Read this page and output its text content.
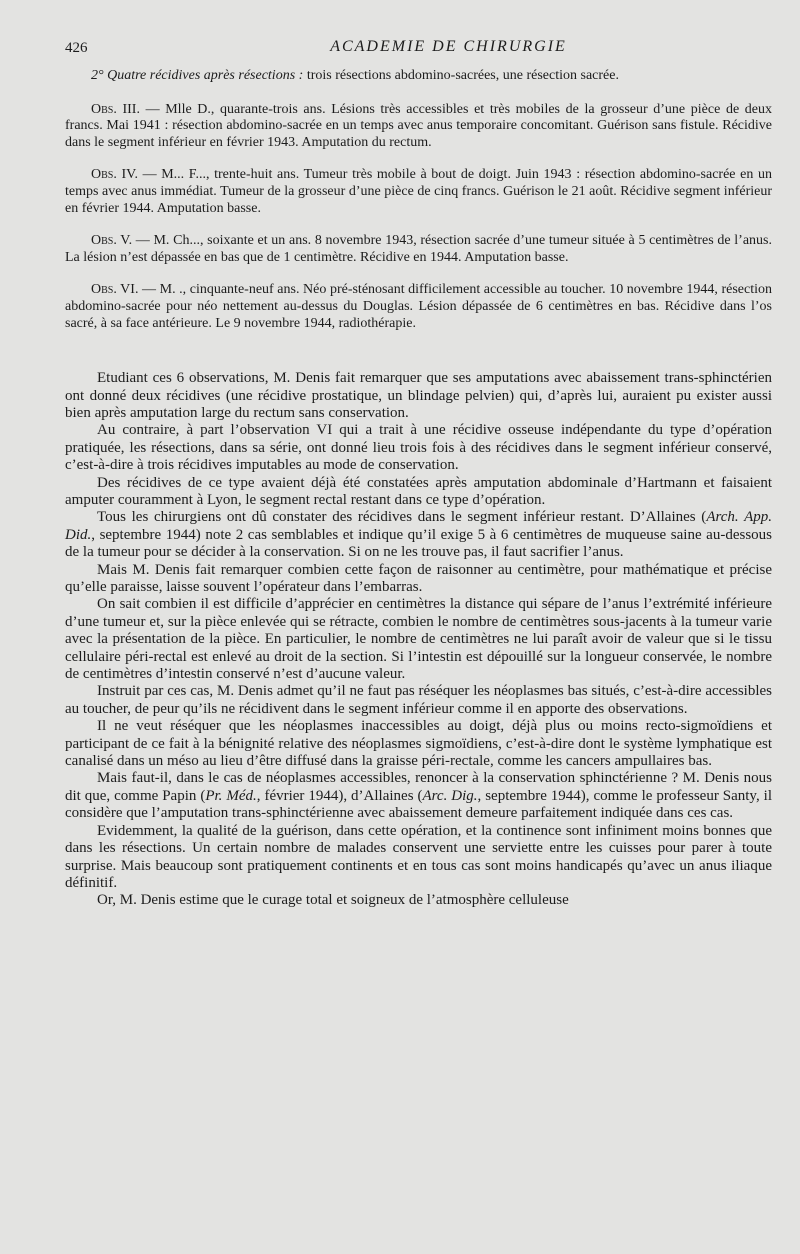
426	ACADEMIE DE CHIRURGIE

2° Quatre récidives après résections : trois résections abdomino-sacrées, une résection sacrée.

Obs. III. — Mlle D., quarante-trois ans. Lésions très accessibles et très mobiles de la grosseur d’une pièce de deux francs. Mai 1941 : résection abdomino-sacrée en un temps avec anus temporaire concomitant. Guérison sans fistule. Récidive dans le segment inférieur en février 1943. Amputation du rectum.

Obs. IV. — M... F..., trente-huit ans. Tumeur très mobile à bout de doigt. Juin 1943 : résection abdomino-sacrée en un temps avec anus immédiat. Tumeur de la grosseur d’une pièce de cinq francs. Guérison le 21 août. Récidive segment inférieur en février 1944. Amputation basse.

Obs. V. — M. Ch..., soixante et un ans. 8 novembre 1943, résection sacrée d’une tumeur située à 5 centimètres de l’anus. La lésion n’est dépassée en bas que de 1 centimètre. Récidive en 1944. Amputation basse.

Obs. VI. — M. ., cinquante-neuf ans. Néo pré-sténosant difficilement accessible au toucher. 10 novembre 1944, résection abdomino-sacrée pour néo nettement au-dessus du Douglas. Lésion dépassée de 6 centimètres en bas. Récidive dans l’os sacré, à sa face antérieure. Le 9 novembre 1944, radiothérapie.

Etudiant ces 6 observations, M. Denis fait remarquer que ses amputations avec abaissement trans-sphinctérien ont donné deux récidives (une récidive prostatique, un blindage pelvien) qui, d’après lui, auraient pu exister aussi bien après amputation large du rectum sans conservation.

Au contraire, à part l’observation VI qui a trait à une récidive osseuse indépendante du type d’opération pratiquée, les résections, dans sa série, ont donné lieu trois fois à des récidives dans le segment inférieur conservé, c’est-à-dire à trois récidives imputables au mode de conservation.

Des récidives de ce type avaient déjà été constatées après amputation abdominale d’Hartmann et faisaient amputer couramment à Lyon, le segment rectal restant dans ce type d’opération.

Tous les chirurgiens ont dû constater des récidives dans le segment inférieur restant. D’Allaines (Arch. App. Did., septembre 1944) note 2 cas semblables et indique qu’il exige 5 à 6 centimètres de muqueuse saine au-dessous de la tumeur pour se décider à la conservation. Si on ne les trouve pas, il faut sacrifier l’anus.

Mais M. Denis fait remarquer combien cette façon de raisonner au centimètre, pour mathématique et précise qu’elle paraisse, laisse souvent l’opérateur dans l’embarras.

On sait combien il est difficile d’apprécier en centimètres la distance qui sépare de l’anus l’extrémité inférieure d’une tumeur et, sur la pièce enlevée qui se rétracte, combien le nombre de centimètres sous-jacents à la tumeur varie avec la présentation de la pièce. En particulier, le nombre de centimètres ne lui paraît avoir de valeur que si le tissu cellulaire péri-rectal est enlevé au droit de la section. Si l’intestin est dépouillé sur la longueur conservée, le nombre de centimètres d’intestin conservé n’est d’aucune valeur.

Instruit par ces cas, M. Denis admet qu’il ne faut pas réséquer les néoplasmes bas situés, c’est-à-dire accessibles au toucher, de peur qu’ils ne récidivent dans le segment inférieur comme il en apporte des observations.

Il ne veut réséquer que les néoplasmes inaccessibles au doigt, déjà plus ou moins recto-sigmoïdiens et participant de ce fait à la bénignité relative des néoplasmes sigmoïdiens, c’est-à-dire dont le système lymphatique est canalisé dans un méso au lieu d’être diffusé dans la graisse péri-rectale, comme les cancers ampullaires bas.

Mais faut-il, dans le cas de néoplasmes accessibles, renoncer à la conservation sphinctérienne ? M. Denis nous dit que, comme Papin (Pr. Méd., février 1944), d’Allaines (Arc. Dig., septembre 1944), comme le professeur Santy, il considère que l’amputation trans-sphinctérienne avec abaissement demeure parfaitement indiquée dans ces cas.

Evidemment, la qualité de la guérison, dans cette opération, et la continence sont infiniment moins bonnes que dans les résections. Un certain nombre de malades conservent une serviette entre les cuisses pour parer à toute surprise. Mais beaucoup sont pratiquement continents et en tous cas sont moins handicapés qu’avec un anus iliaque définitif.

Or, M. Denis estime que le curage total et soigneux de l’atmosphère celluleuse
